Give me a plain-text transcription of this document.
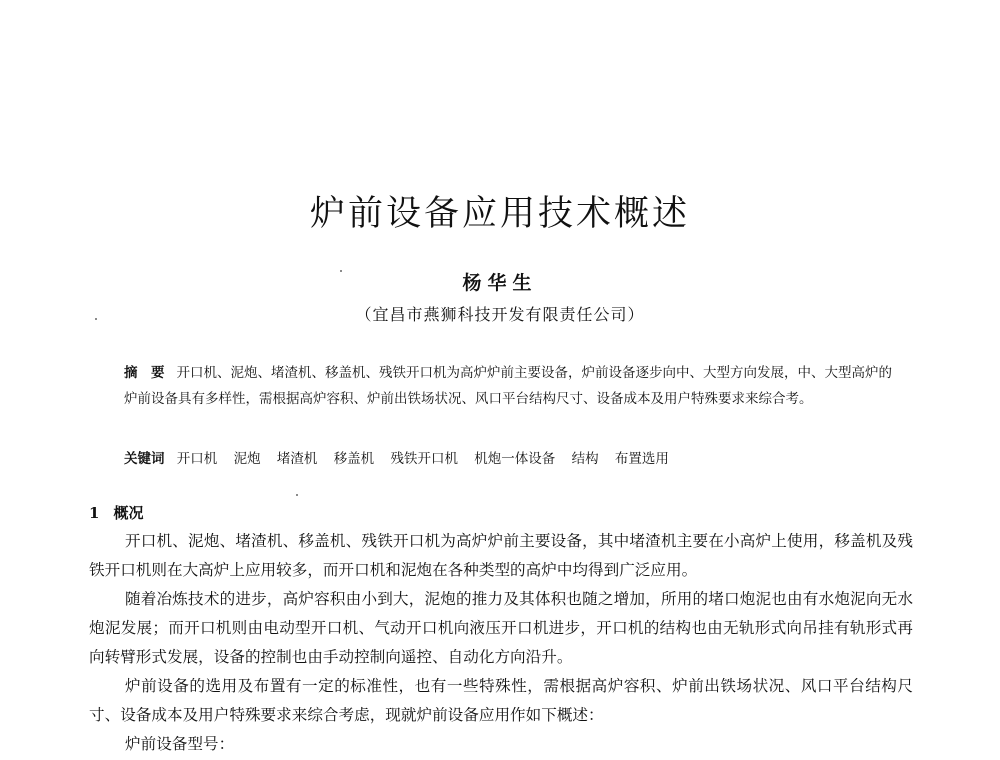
炉前设备应用技术概述
杨华生
（宜昌市燕狮科技开发有限责任公司）
摘　要 开口机、泥炮、堵渣机、移盖机、残铁开口机为高炉炉前主要设备，炉前设备逐步向中、大型方向发展，中、大型高炉的炉前设备具有多样性，需根据高炉容积、炉前出铁场状况、风口平台结构尺寸、设备成本及用户特殊要求来综合考。
关键词 开口机 泥炮 堵渣机 移盖机 残铁开口机 机炮一体设备 结构 布置选用
1 概况

开口机、泥炮、堵渣机、移盖机、残铁开口机为高炉炉前主要设备，其中堵渣机主要在小高炉上使用，移盖机及残铁开口机则在大高炉上应用较多，而开口机和泥炮在各种类型的高炉中均得到广泛应用。

随着冶炼技术的进步，高炉容积由小到大，泥炮的推力及其体积也随之增加，所用的堵口炮泥也由有水炮泥向无水炮泥发展；而开口机则由电动型开口机、气动开口机向液压开口机进步，开口机的结构也由无轨形式向吊挂有轨形式再向转臂形式发展，设备的控制也由手动控制向遥控、自动化方向沿升。

炉前设备的选用及布置有一定的标准性，也有一些特殊性，需根据高炉容积、炉前出铁场状况、风口平台结构尺寸、设备成本及用户特殊要求来综合考虑，现就炉前设备应用作如下概述：

炉前设备型号：
